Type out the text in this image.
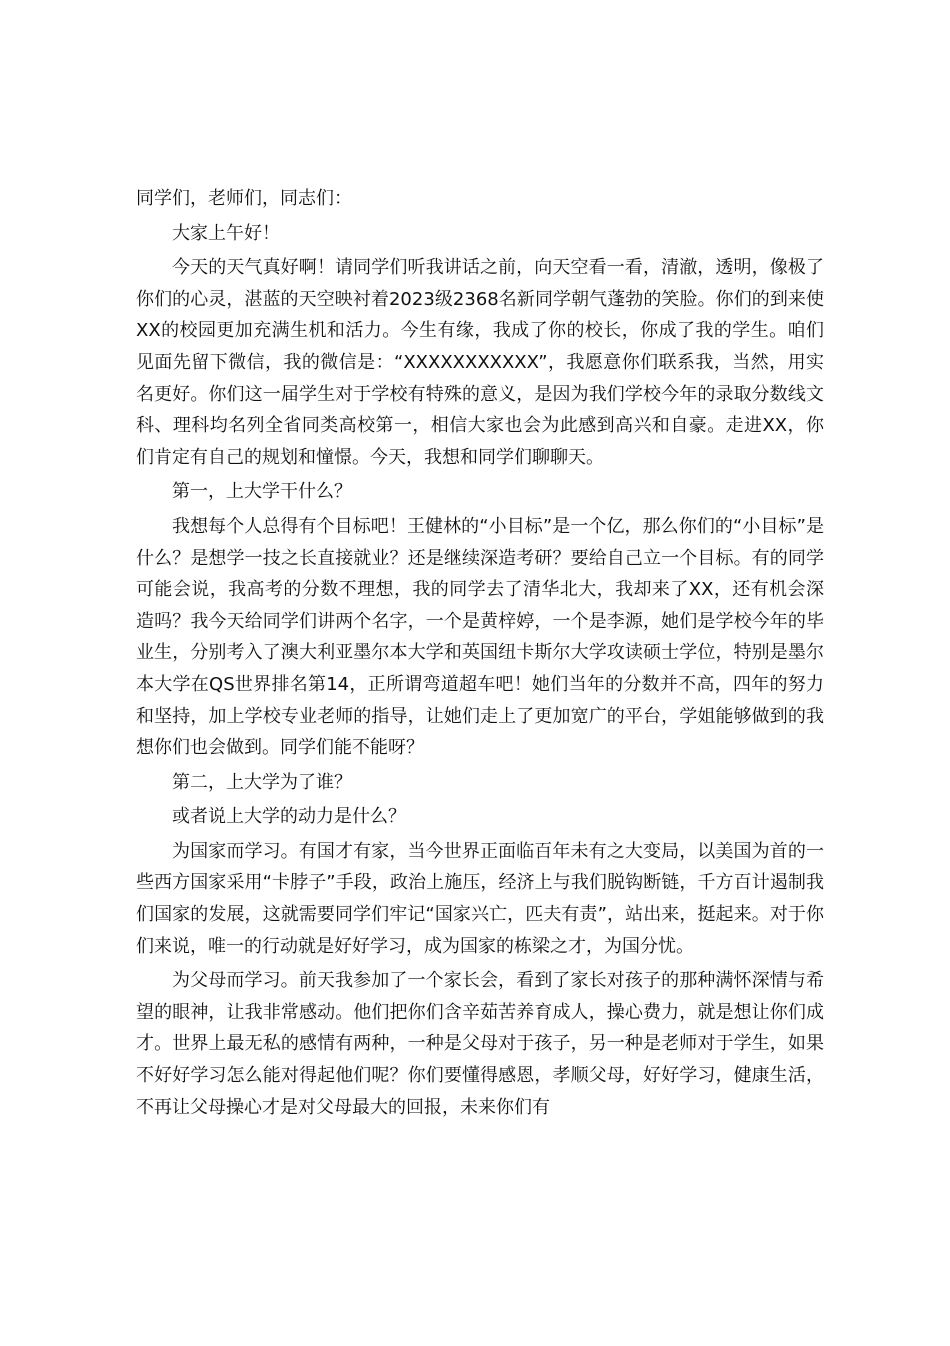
同学们，老师们，同志们：

大家上午好！

今天的天气真好啊！请同学们听我讲话之前，向天空看一看，清澈，透明，像极了你们的心灵，湛蓝的天空映衬着2023级2368名新同学朝气蓬勃的笑脸。你们的到来使XX的校园更加充满生机和活力。今生有缘，我成了你的校长，你成了我的学生。咱们见面先留下微信，我的微信是：“XXXXXXXXXXX”，我愿意你们联系我，当然，用实名更好。你们这一届学生对于学校有特殊的意义，是因为我们学校今年的录取分数线文科、理科均名列全省同类高校第一，相信大家也会为此感到高兴和自豪。走进XX，你们肯定有自己的规划和憧憬。今天，我想和同学们聊聊天。

第一，上大学干什么？

我想每个人总得有个目标吧！王健林的“小目标”是一个亿，那么你们的“小目标”是什么？是想学一技之长直接就业？还是继续深造考研？要给自己立一个目标。有的同学可能会说，我高考的分数不理想，我的同学去了清华北大，我却来了XX，还有机会深造吗？我今天给同学们讲两个名字，一个是黄梓婷，一个是李源，她们是学校今年的毕业生，分别考入了澳大利亚墨尔本大学和英国纽卡斯尔大学攻读硕士学位，特别是墨尔本大学在QS世界排名第14，正所谓弯道超车吧！她们当年的分数并不高，四年的努力和坚持，加上学校专业老师的指导，让她们走上了更加宽广的平台，学姐能够做到的我想你们也会做到。同学们能不能呀？

第二，上大学为了谁？

或者说上大学的动力是什么？

为国家而学习。有国才有家，当今世界正面临百年未有之大变局，以美国为首的一些西方国家采用“卡脖子”手段，政治上施压，经济上与我们脱钩断链，千方百计遏制我们国家的发展，这就需要同学们牢记“国家兴亡，匹夫有责”，站出来，挺起来。对于你们来说，唯一的行动就是好好学习，成为国家的栋梁之才，为国分忧。

为父母而学习。前天我参加了一个家长会，看到了家长对孩子的那种满怀深情与希望的眼神，让我非常感动。他们把你们含辛茹苦养育成人，操心费力，就是想让你们成才。世界上最无私的感情有两种，一种是父母对于孩子，另一种是老师对于学生，如果不好好学习怎么能对得起他们呢？你们要懂得感恩，孝顺父母，好好学习，健康生活，不再让父母操心才是对父母最大的回报，未来你们有
